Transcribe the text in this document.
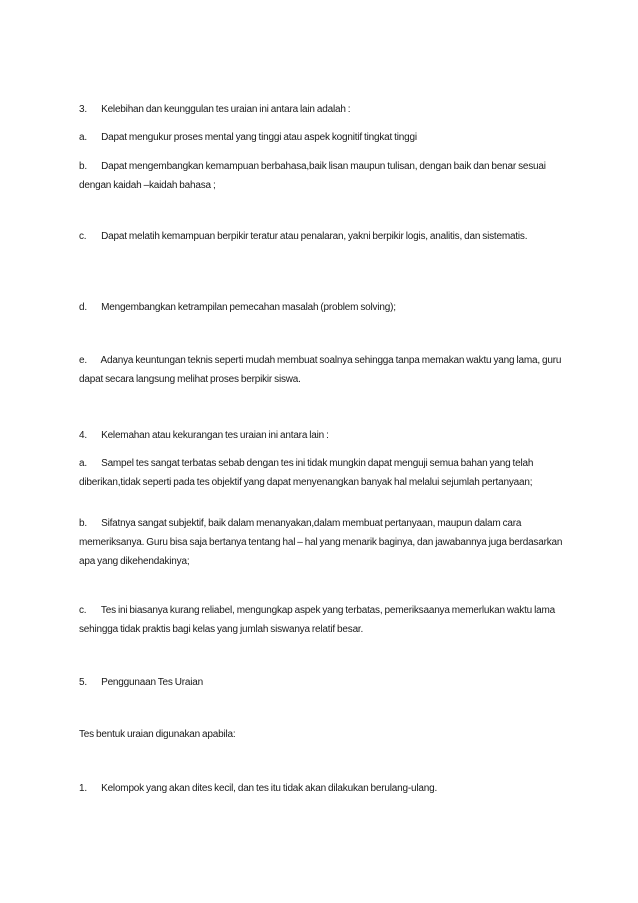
3. Kelebihan dan keunggulan tes uraian ini antara lain adalah :
a. Dapat mengukur proses mental yang tinggi atau aspek kognitif tingkat tinggi
b. Dapat mengembangkan kemampuan berbahasa,baik lisan maupun tulisan, dengan baik dan benar sesuai dengan kaidah –kaidah bahasa ;
c. Dapat melatih kemampuan berpikir teratur atau penalaran, yakni berpikir logis, analitis, dan sistematis.
d. Mengembangkan ketrampilan pemecahan masalah (problem solving);
e. Adanya keuntungan teknis seperti mudah membuat soalnya sehingga tanpa memakan waktu yang lama, guru dapat secara langsung melihat proses berpikir siswa.
4. Kelemahan atau kekurangan tes uraian ini antara lain :
a. Sampel tes sangat terbatas sebab dengan tes ini tidak mungkin dapat menguji semua bahan yang telah diberikan,tidak seperti pada tes objektif yang dapat menyenangkan banyak hal melalui sejumlah pertanyaan;
b. Sifatnya sangat subjektif, baik dalam menanyakan,dalam membuat pertanyaan, maupun dalam cara memeriksanya. Guru bisa saja bertanya tentang hal – hal yang menarik baginya, dan jawabannya juga berdasarkan apa yang dikehendakinya;
c. Tes ini biasanya kurang reliabel, mengungkap aspek yang terbatas, pemeriksaanya memerlukan waktu lama sehingga tidak praktis bagi kelas yang jumlah siswanya relatif besar.
5. Penggunaan Tes Uraian
Tes bentuk uraian digunakan apabila:
1. Kelompok yang akan dites kecil, dan tes itu tidak akan dilakukan berulang-ulang.
